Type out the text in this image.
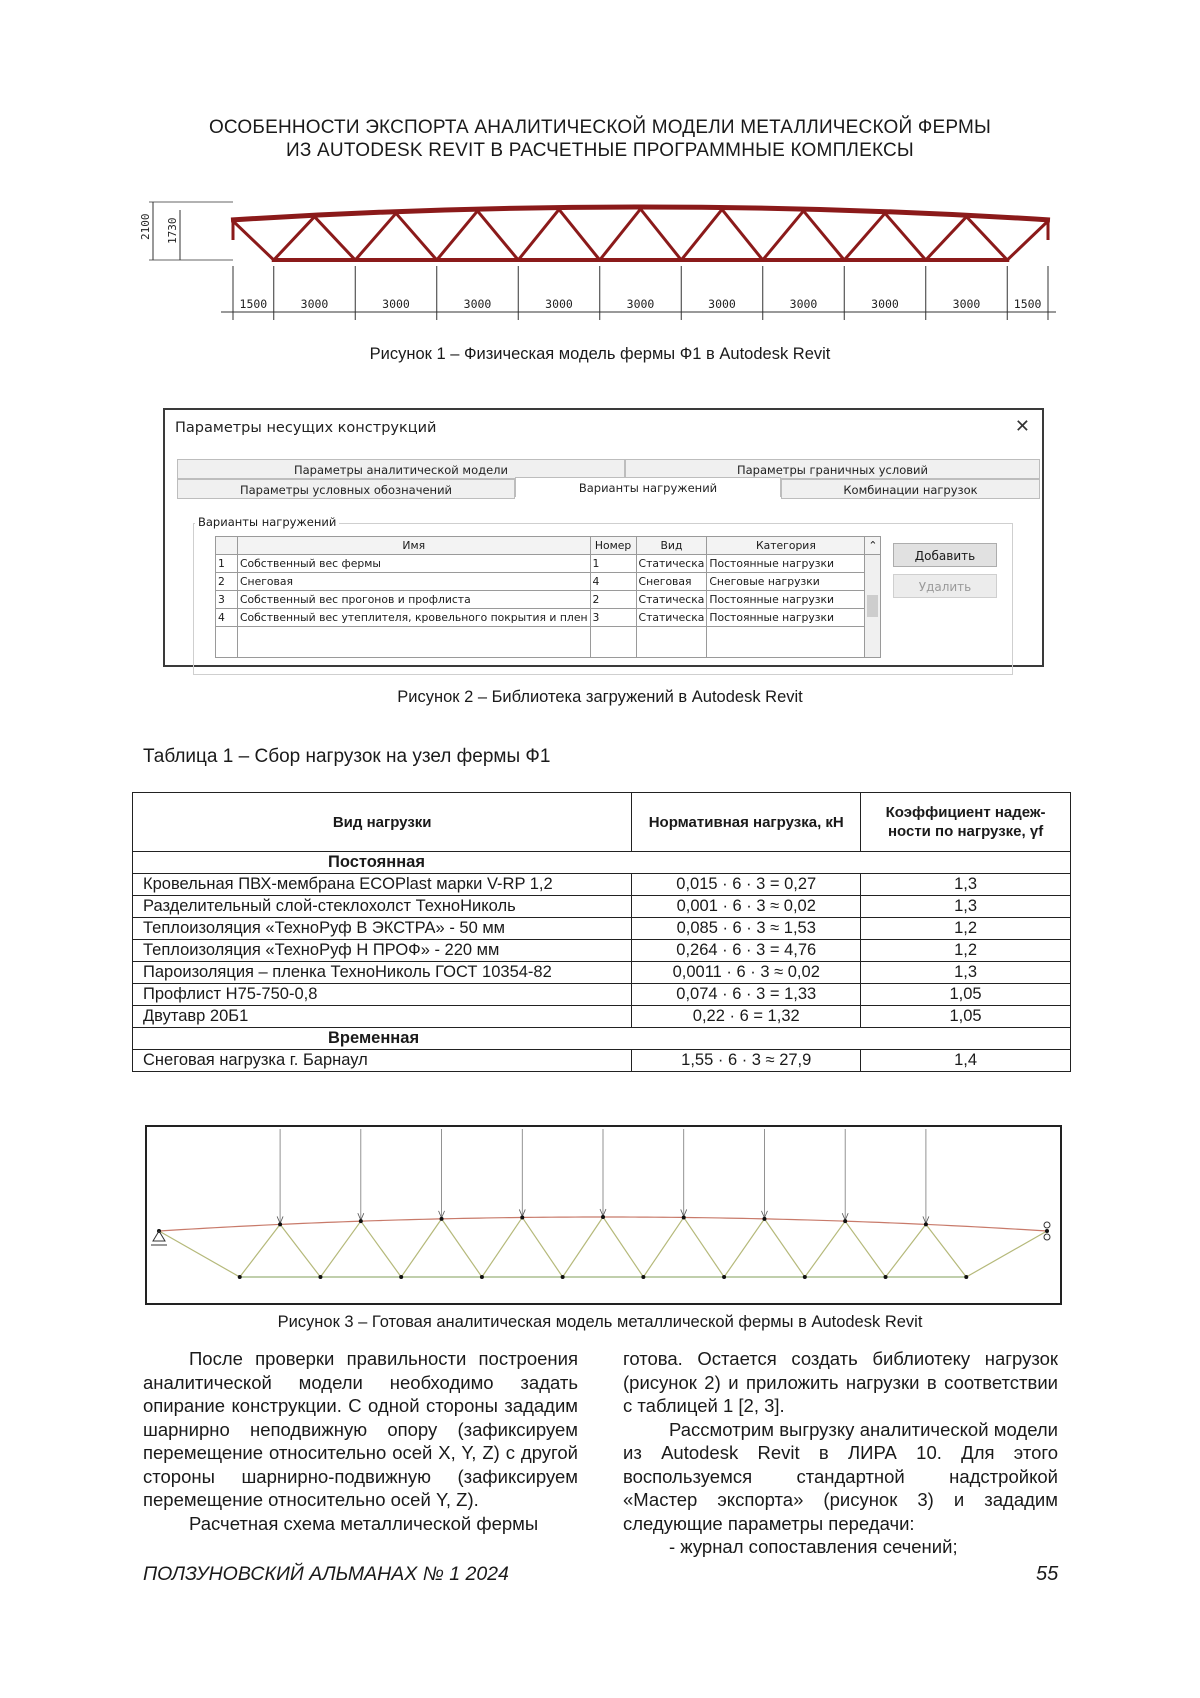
ОСОБЕННОСТИ ЭКСПОРТА АНАЛИТИЧЕСКОЙ МОДЕЛИ МЕТАЛЛИЧЕСКОЙ ФЕРМЫ
ИЗ AUTODESK REVIT В РАСЧЕТНЫЕ ПРОГРАММНЫЕ КОМПЛЕКСЫ
2100 1730
1500	3000	3000	3000	3000	3000	3000	3000	3000	3000	1500
Рисунок 1 – Физическая модель фермы Ф1 в Autodesk Revit
Параметры несущих конструкций	✕
Параметры аналитической модели	Параметры граничных условий
Параметры условных обозначений	Варианты нагружений	Комбинации нагрузок
Варианты нагружений
	Имя	Номер	Вид	Категория	⌃
1	Собственный вес фермы	1	Статическа	Постоянные нагрузки	

2	Снеговая	4	Снеговая	Снеговые нагрузки	
3	Собственный вес прогонов и профлиста	2	Статическа	Постоянные нагрузки	
4	Собственный вес утеплителя, кровельного покрытия и плен	3	Статическа	Постоянные нагрузки	

Добавить
Удалить
Рисунок 2 – Библиотека загружений в Autodesk Revit
Таблица 1 – Сбор нагрузок на узел фермы Ф1
Вид нагрузки	Нормативная нагрузка, кН	Коэффициент надеж-ности по нагрузке, γf
Постоянная		
Кровельная ПВХ-мембрана ECOPlast марки V-RP 1,2	0,015 · 6 · 3 = 0,27	1,3
Разделительный слой-стеклохолст ТехноНиколь	0,001 · 6 · 3 ≈ 0,02	1,3
Теплоизоляция «ТехноРуф В ЭКСТРА» - 50 мм	0,085 · 6 · 3 ≈ 1,53	1,2
Теплоизоляция «ТехноРуф Н ПРОФ» - 220 мм	0,264 · 6 · 3 = 4,76	1,2
Пароизоляция – пленка ТехноНиколь ГОСТ 10354-82	0,0011 · 6 · 3 ≈ 0,02	1,3
Профлист Н75-750-0,8	0,074 · 6 · 3 = 1,33	1,05
Двутавр 20Б1	0,22 · 6 = 1,32	1,05
Временная		
Снеговая нагрузка г. Барнаул	1,55 · 6 · 3 ≈ 27,9	1,4
Рисунок 3 – Готовая аналитическая модель металлической фермы в Autodesk Revit

После проверки правильности построения аналитической модели необходимо задать опирание конструкции. С одной стороны зададим шарнирно неподвижную опору (зафиксируем перемещение относительно осей X, Y, Z) с другой стороны шарнирно-подвижную (зафиксируем перемещение относительно осей Y, Z).

Расчетная схема металлической фермы

готова. Остается создать библиотеку нагрузок (рисунок 2) и приложить нагрузки в соответствии с таблицей 1 [2, 3].

Рассмотрим выгрузку аналитической модели из Autodesk Revit в ЛИРА 10. Для этого воспользуемся стандартной надстройкой «Мастер экспорта» (рисунок 3) и зададим следующие параметры передачи:

- журнал сопоставления сечений;

ПОЛЗУНОВСКИЙ АЛЬМАНАХ № 1 2024	55
